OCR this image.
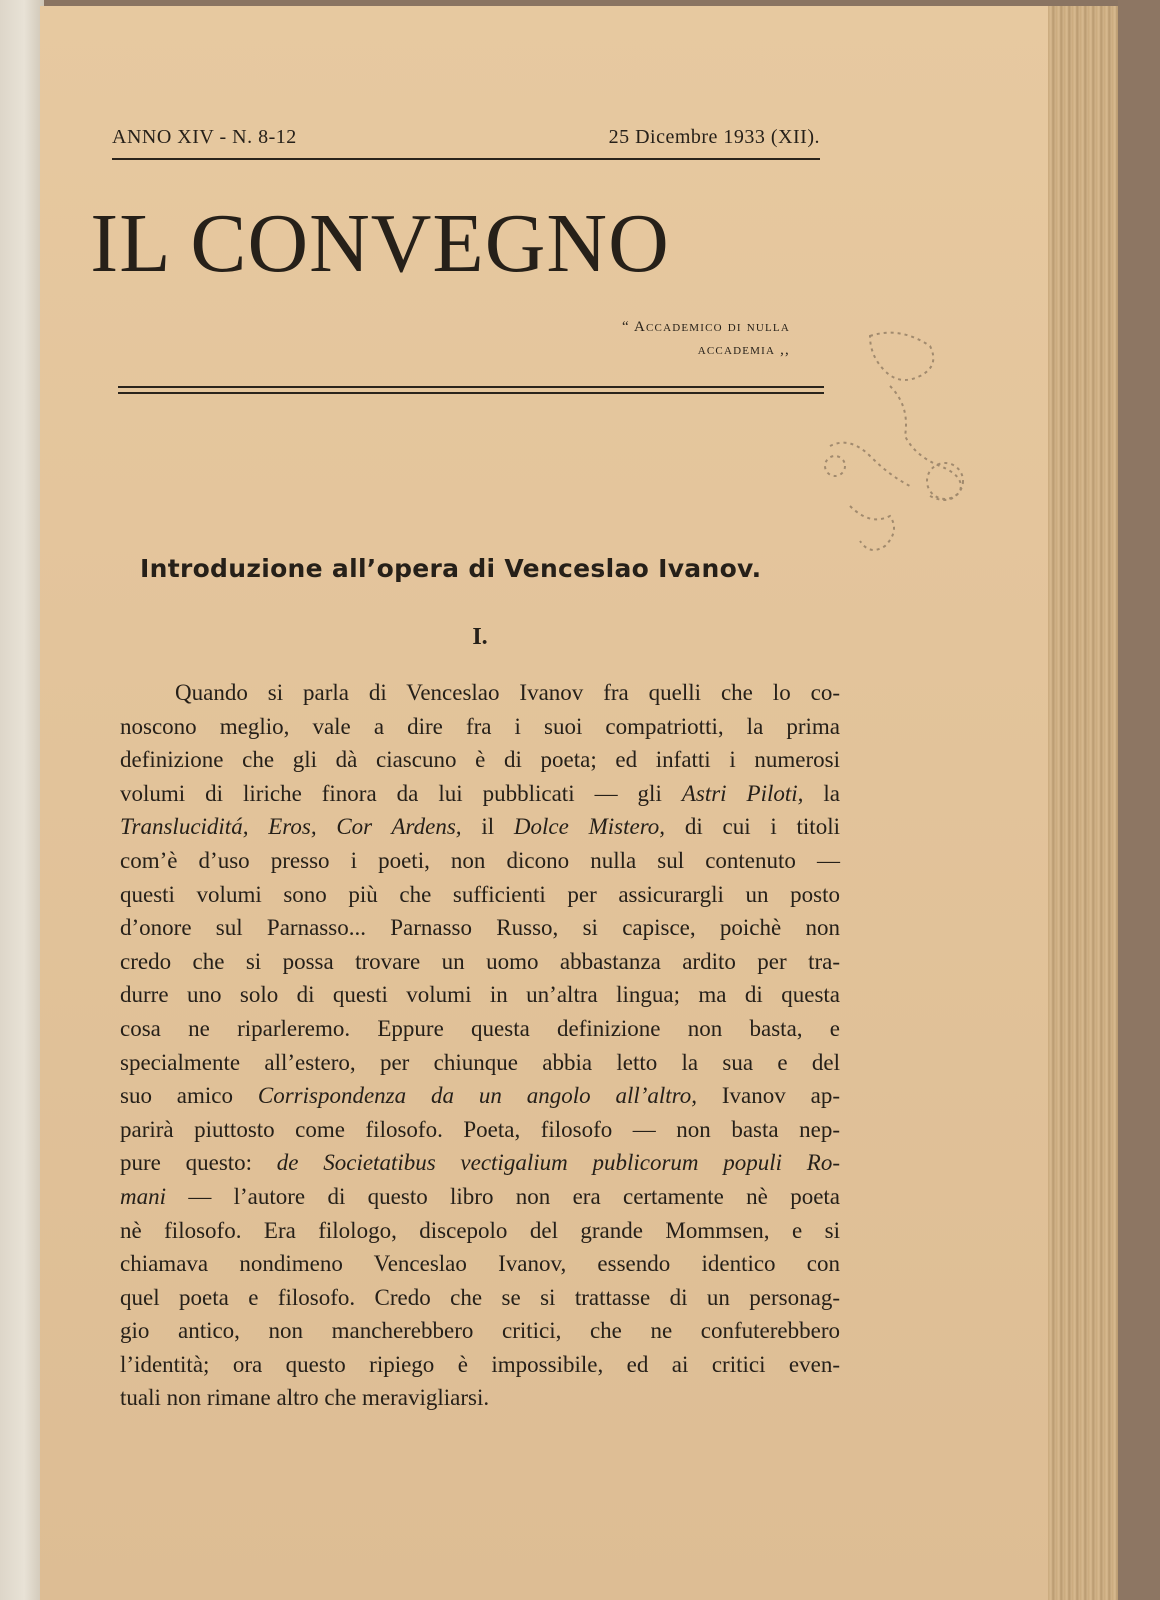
ANNO XIV - N. 8-12	25 Dicembre 1933 (XII).
IL CONVEGNO
“ Accademico di nulla
accademia ,,
Introduzione all’opera di Venceslao Ivanov.
I.
Quando si parla di Venceslao Ivanov fra quelli che lo co-
noscono meglio, vale a dire fra i suoi compatriotti, la prima
definizione che gli dà ciascuno è di poeta; ed infatti i numerosi
volumi di liriche finora da lui pubblicati — gli Astri Piloti, la
Transluciditá, Eros, Cor Ardens, il Dolce Mistero, di cui i titoli
com’è d’uso presso i poeti, non dicono nulla sul contenuto —
questi volumi sono più che sufficienti per assicurargli un posto
d’onore sul Parnasso... Parnasso Russo, si capisce, poichè non
credo che si possa trovare un uomo abbastanza ardito per tra-
durre uno solo di questi volumi in un’altra lingua; ma di questa
cosa ne riparleremo. Eppure questa definizione non basta, e
specialmente all’estero, per chiunque abbia letto la sua e del
suo amico Corrispondenza da un angolo all’altro, Ivanov ap-
parirà piuttosto come filosofo. Poeta, filosofo — non basta nep-
pure questo: de Societatibus vectigalium publicorum populi Ro-
mani — l’autore di questo libro non era certamente nè poeta
nè filosofo. Era filologo, discepolo del grande Mommsen, e si
chiamava nondimeno Venceslao Ivanov, essendo identico con
quel poeta e filosofo. Credo che se si trattasse di un personag-
gio antico, non mancherebbero critici, che ne confuterebbero
l’identità; ora questo ripiego è impossibile, ed ai critici even-
tuali non rimane altro che meravigliarsi.
